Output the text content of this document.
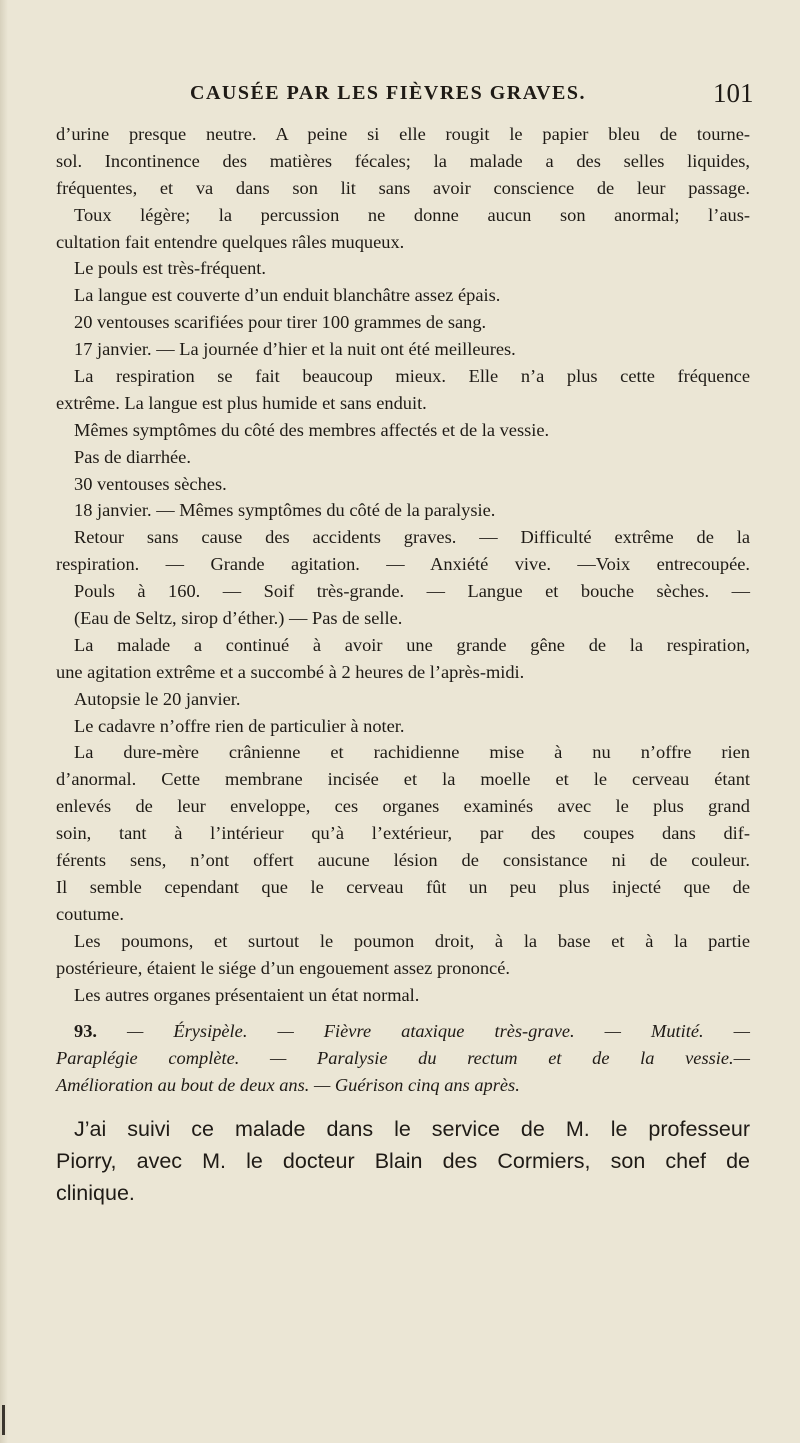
CAUSÉE PAR LES FIÈVRES GRAVES.	101
d’urine presque neutre. A peine si elle rougit le papier bleu de tourne-
sol. Incontinence des matières fécales; la malade a des selles liquides,
fréquentes, et va dans son lit sans avoir conscience de leur passage.
Toux légère; la percussion ne donne aucun son anormal; l’aus-
cultation fait entendre quelques râles muqueux.
Le pouls est très-fréquent.
La langue est couverte d’un enduit blanchâtre assez épais.
20 ventouses scarifiées pour tirer 100 grammes de sang.
17 janvier. — La journée d’hier et la nuit ont été meilleures.
La respiration se fait beaucoup mieux. Elle n’a plus cette fréquence
extrême. La langue est plus humide et sans enduit.
Mêmes symptômes du côté des membres affectés et de la vessie.
Pas de diarrhée.
30 ventouses sèches.
18 janvier. — Mêmes symptômes du côté de la paralysie.
Retour sans cause des accidents graves. — Difficulté extrême de la
respiration. — Grande agitation. — Anxiété vive. —Voix entrecoupée.
Pouls à 160. — Soif très-grande. — Langue et bouche sèches. —
(Eau de Seltz, sirop d’éther.) — Pas de selle.
La malade a continué à avoir une grande gêne de la respiration,
une agitation extrême et a succombé à 2 heures de l’après-midi.
Autopsie le 20 janvier.
Le cadavre n’offre rien de particulier à noter.
La dure-mère crânienne et rachidienne mise à nu n’offre rien
d’anormal. Cette membrane incisée et la moelle et le cerveau étant
enlevés de leur enveloppe, ces organes examinés avec le plus grand
soin, tant à l’intérieur qu’à l’extérieur, par des coupes dans dif-
férents sens, n’ont offert aucune lésion de consistance ni de couleur.
Il semble cependant que le cerveau fût un peu plus injecté que de
coutume.
Les poumons, et surtout le poumon droit, à la base et à la partie
postérieure, étaient le siége d’un engouement assez prononcé.
Les autres organes présentaient un état normal.
93. — Érysipèle. — Fièvre ataxique très-grave. — Mutité. —
Paraplégie complète. — Paralysie du rectum et de la vessie.—
Amélioration au bout de deux ans. — Guérison cinq ans après.
J’ai suivi ce malade dans le service de M. le professeur
Piorry, avec M. le docteur Blain des Cormiers, son chef de
clinique.
